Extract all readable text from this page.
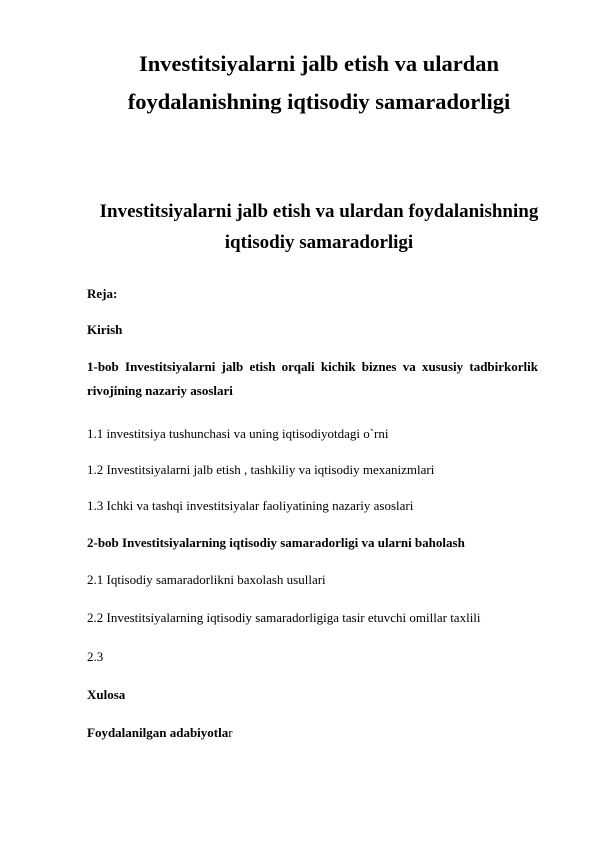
Investitsiyalarni jalb etish va ulardan foydalanishning iqtisodiy samaradorligi
Investitsiyalarni jalb etish va ulardan foydalanishning iqtisodiy samaradorligi

Reja:

Kirish

1-bob Investitsiyalarni jalb etish orqali kichik biznes va xususiy tadbirkorlik rivojining nazariy asoslari

1.1 investitsiya tushunchasi va uning iqtisodiyotdagi o`rni

1.2 Investitsiyalarni jalb etish , tashkiliy va iqtisodiy mexanizmlari

1.3 Ichki va tashqi investitsiyalar faoliyatining nazariy asoslari

2-bob Investitsiyalarning iqtisodiy samaradorligi va ularni baholash

2.1 Iqtisodiy samaradorlikni baxolash usullari

2.2 Investitsiyalarning iqtisodiy samaradorligiga tasir etuvchi omillar taxlili

2.3

Xulosa

Foydalanilgan adabiyotlar
